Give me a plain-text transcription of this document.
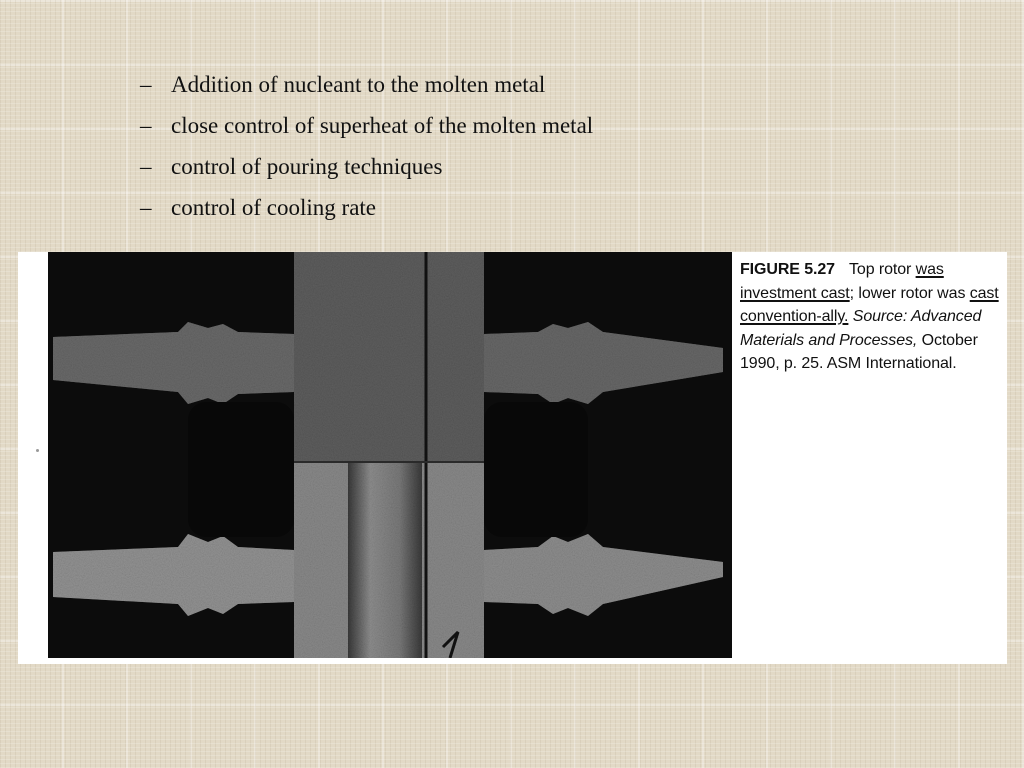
– Addition of nucleant to the molten metal
– close control of superheat of the molten metal
– control of pouring techniques
– control of cooling rate
FIGURE 5.27 Top rotor was investment cast; lower rotor was cast convention-ally. Source: Advanced Materials and Processes, October 1990, p. 25. ASM International.
